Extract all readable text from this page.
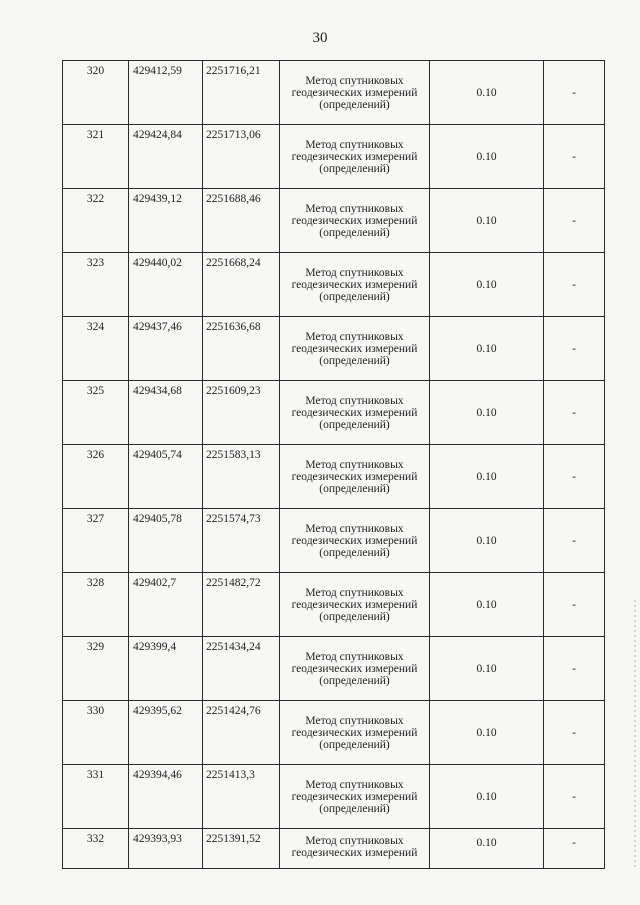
30
320	429412,59	2251716,21	Метод спутниковых
геодезических измерений
(определений)	0.10	-
321	429424,84	2251713,06	Метод спутниковых
геодезических измерений
(определений)	0.10	-
322	429439,12	2251688,46	Метод спутниковых
геодезических измерений
(определений)	0.10	-
323	429440,02	2251668,24	Метод спутниковых
геодезических измерений
(определений)	0.10	-
324	429437,46	2251636,68	Метод спутниковых
геодезических измерений
(определений)	0.10	-
325	429434,68	2251609,23	Метод спутниковых
геодезических измерений
(определений)	0.10	-
326	429405,74	2251583,13	Метод спутниковых
геодезических измерений
(определений)	0.10	-
327	429405,78	2251574,73	Метод спутниковых
геодезических измерений
(определений)	0.10	-
328	429402,7	2251482,72	Метод спутниковых
геодезических измерений
(определений)	0.10	-
329	429399,4	2251434,24	Метод спутниковых
геодезических измерений
(определений)	0.10	-
330	429395,62	2251424,76	Метод спутниковых
геодезических измерений
(определений)	0.10	-
331	429394,46	2251413,3	Метод спутниковых
геодезических измерений
(определений)	0.10	-
332	429393,93	2251391,52	Метод спутниковых
геодезических измерений	0.10	-
